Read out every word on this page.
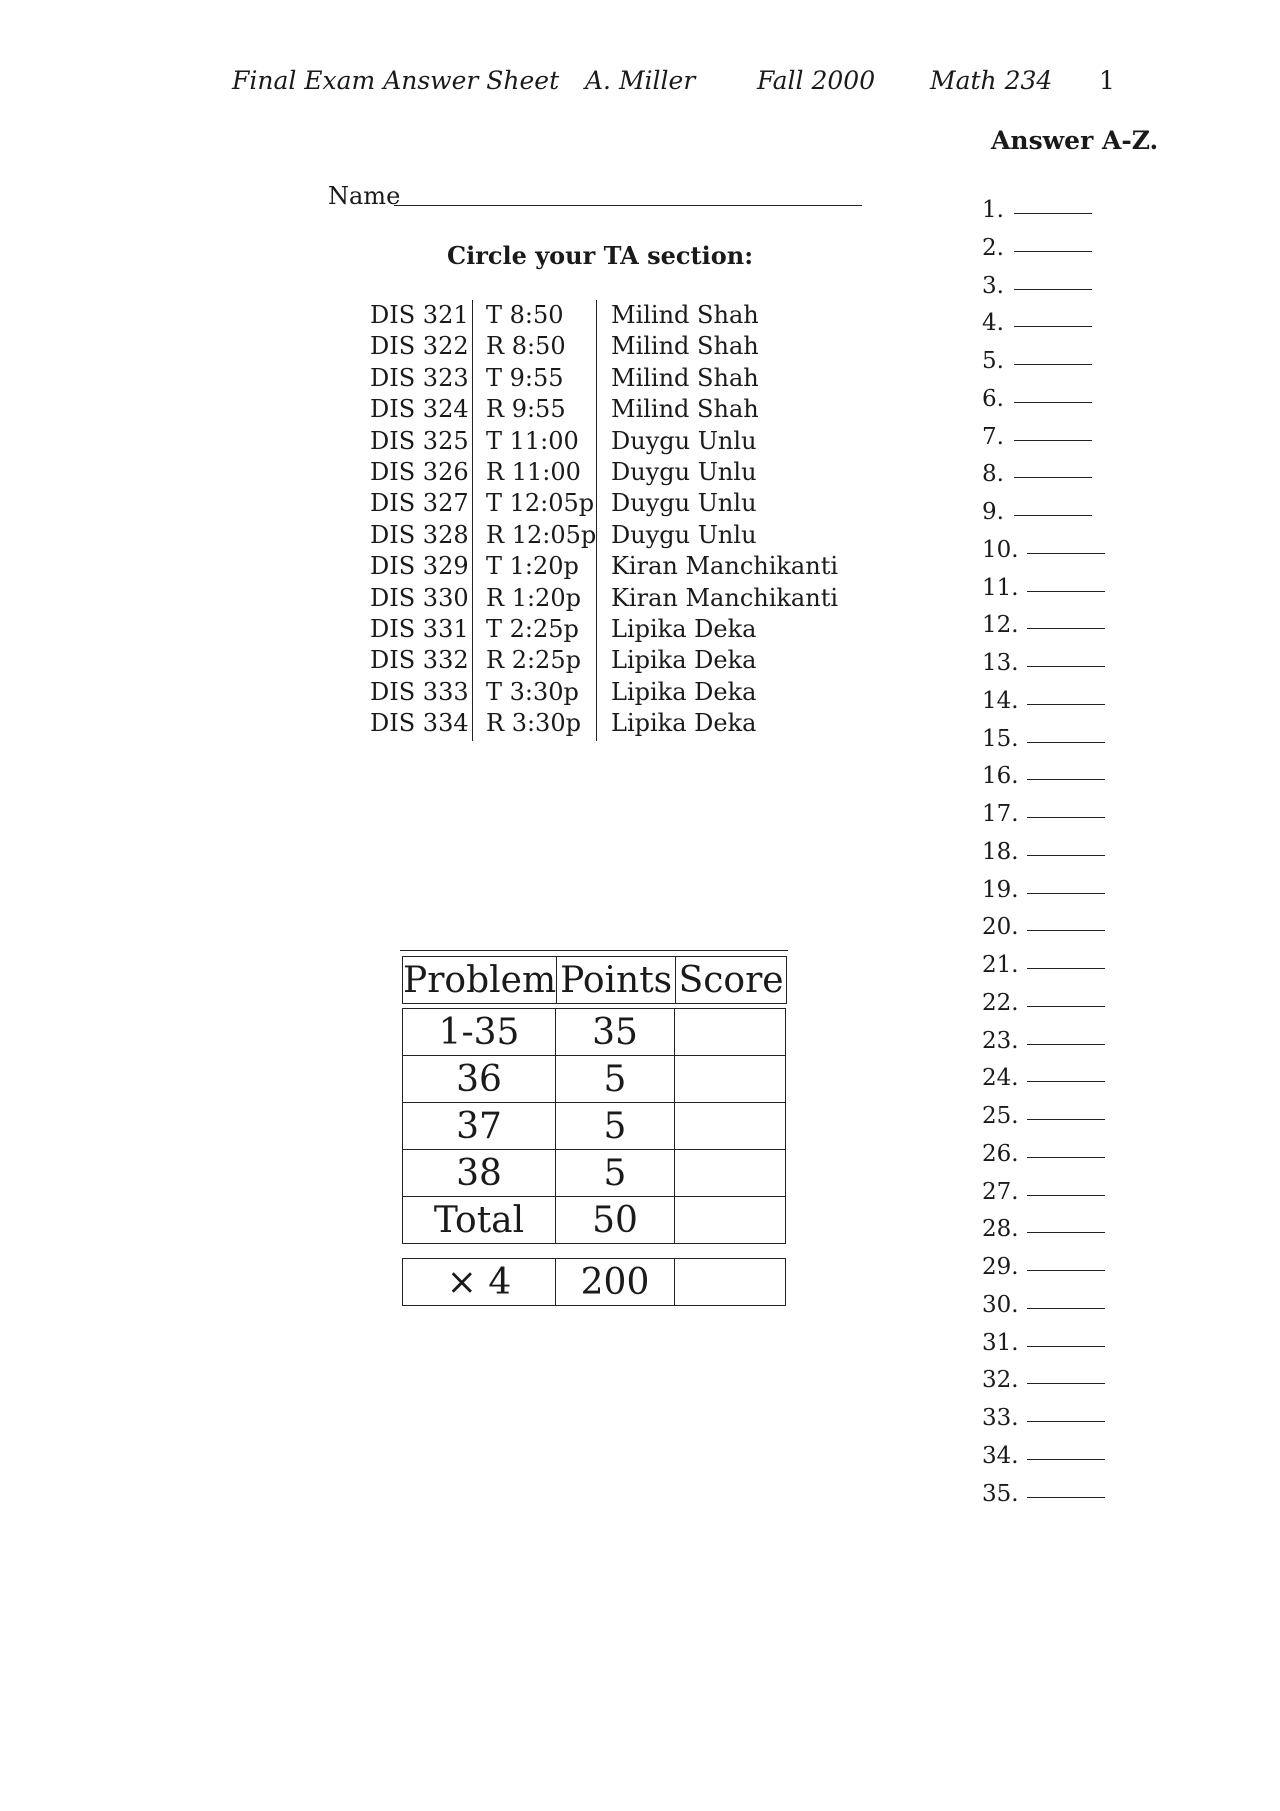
Final Exam Answer Sheet A. Miller Fall 2000 Math 234 1
Name
Circle your TA section:
DIS 321 T 8:50 Milind Shah
DIS 322 R 8:50 Milind Shah
DIS 323 T 9:55 Milind Shah
DIS 324 R 9:55 Milind Shah
DIS 325 T 11:00 Duygu Unlu
DIS 326 R 11:00 Duygu Unlu
DIS 327 T 12:05p Duygu Unlu
DIS 328 R 12:05p Duygu Unlu
DIS 329 T 1:20p Kiran Manchikanti
DIS 330 R 1:20p Kiran Manchikanti
DIS 331 T 2:25p Lipika Deka
DIS 332 R 2:25p Lipika Deka
DIS 333 T 3:30p Lipika Deka
DIS 334 R 3:30p Lipika Deka
Problem	Points	Score
1-35	35	
36	5	
37	5	
38	5	
Total	50	
× 4	200	
Answer A-Z.
1.
2.
3.
4.
5.
6.
7.
8.
9.
10.
11.
12.
13.
14.
15.
16.
17.
18.
19.
20.
21.
22.
23.
24.
25.
26.
27.
28.
29.
30.
31.
32.
33.
34.
35.
